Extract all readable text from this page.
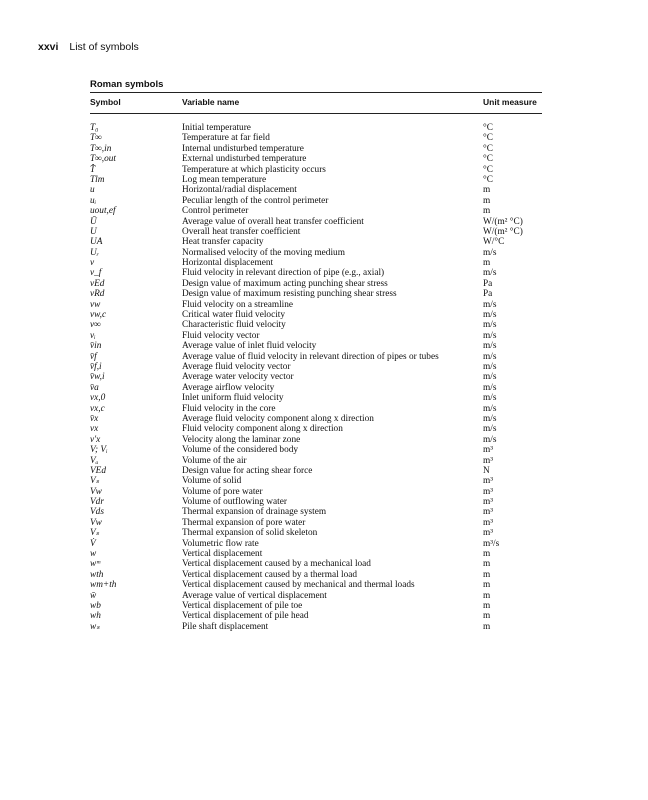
xxvi List of symbols
Roman symbols
Symbol	Variable name	Unit measure
T₀	Initial temperature	°C
T∞	Temperature at far field	°C
T∞,in	Internal undisturbed temperature	°C
T∞,out	External undisturbed temperature	°C
T̂	Temperature at which plasticity occurs	°C
Tlm	Log mean temperature	°C
u	Horizontal/radial displacement	m
uᵢ	Peculiar length of the control perimeter	m
uout,ef	Control perimeter	m
Ū	Average value of overall heat transfer coefficient	W/(m² °C)
U	Overall heat transfer coefficient	W/(m² °C)
UA	Heat transfer capacity	W/°C
Uᵣ	Normalised velocity of the moving medium	m/s
v	Horizontal displacement	m
v_f	Fluid velocity in relevant direction of pipe (e.g., axial)	m/s
vEd	Design value of maximum acting punching shear stress	Pa
vRd	Design value of maximum resisting punching shear stress	Pa
vw	Fluid velocity on a streamline	m/s
vw,c	Critical water fluid velocity	m/s
v∞	Characteristic fluid velocity	m/s
vᵢ	Fluid velocity vector	m/s
v̄in	Average value of inlet fluid velocity	m/s
v̄f	Average value of fluid velocity in relevant direction of pipes or tubes	m/s
v̄f,i	Average fluid velocity vector	m/s
v̄w,i	Average water velocity vector	m/s
v̄a	Average airflow velocity	m/s
vx,0	Inlet uniform fluid velocity	m/s
vx,c	Fluid velocity in the core	m/s
v̄x	Average fluid velocity component along x direction	m/s
vx	Fluid velocity component along x direction	m/s
v′x	Velocity along the laminar zone	m/s
V; Vᵢ	Volume of the considered body	m³
Vₐ	Volume of the air	m³
VEd	Design value for acting shear force	N
Vₛ	Volume of solid	m³
Vw	Volume of pore water	m³
Vdr	Volume of outflowing water	m³
Vds	Thermal expansion of drainage system	m³
Vw	Thermal expansion of pore water	m³
Vₛ	Thermal expansion of solid skeleton	m³
V̇	Volumetric flow rate	m³/s
w	Vertical displacement	m
wᵐ	Vertical displacement caused by a mechanical load	m
wth	Vertical displacement caused by a thermal load	m
wm+th	Vertical displacement caused by mechanical and thermal loads	m
w̄	Average value of vertical displacement	m
wb	Vertical displacement of pile toe	m
wh	Vertical displacement of pile head	m
wₛ	Pile shaft displacement	m
